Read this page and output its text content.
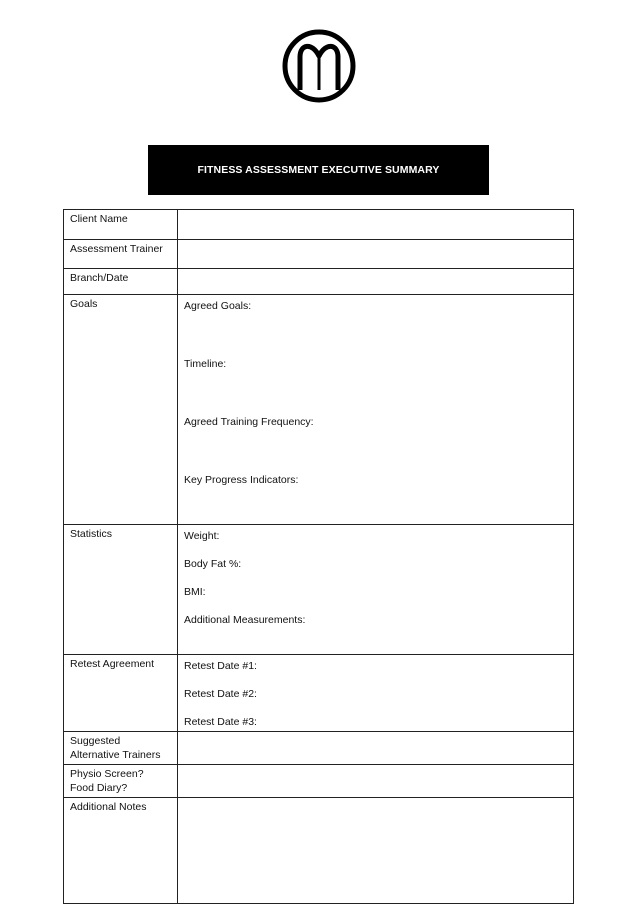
FITNESS ASSESSMENT EXECUTIVE SUMMARY
Client Name	
Assessment Trainer	
Branch/Date	
Goals	Agreed Goals:
Timeline:
Agreed Training Frequency:
Key Progress Indicators:

Statistics	Weight:
Body Fat %:
BMI:
Additional Measurements:

Retest Agreement	Retest Date #1:
Retest Date #2:
Retest Date #3:

Suggested
Alternative Trainers	

Physio Screen?
Food Diary?	

Additional Notes	
